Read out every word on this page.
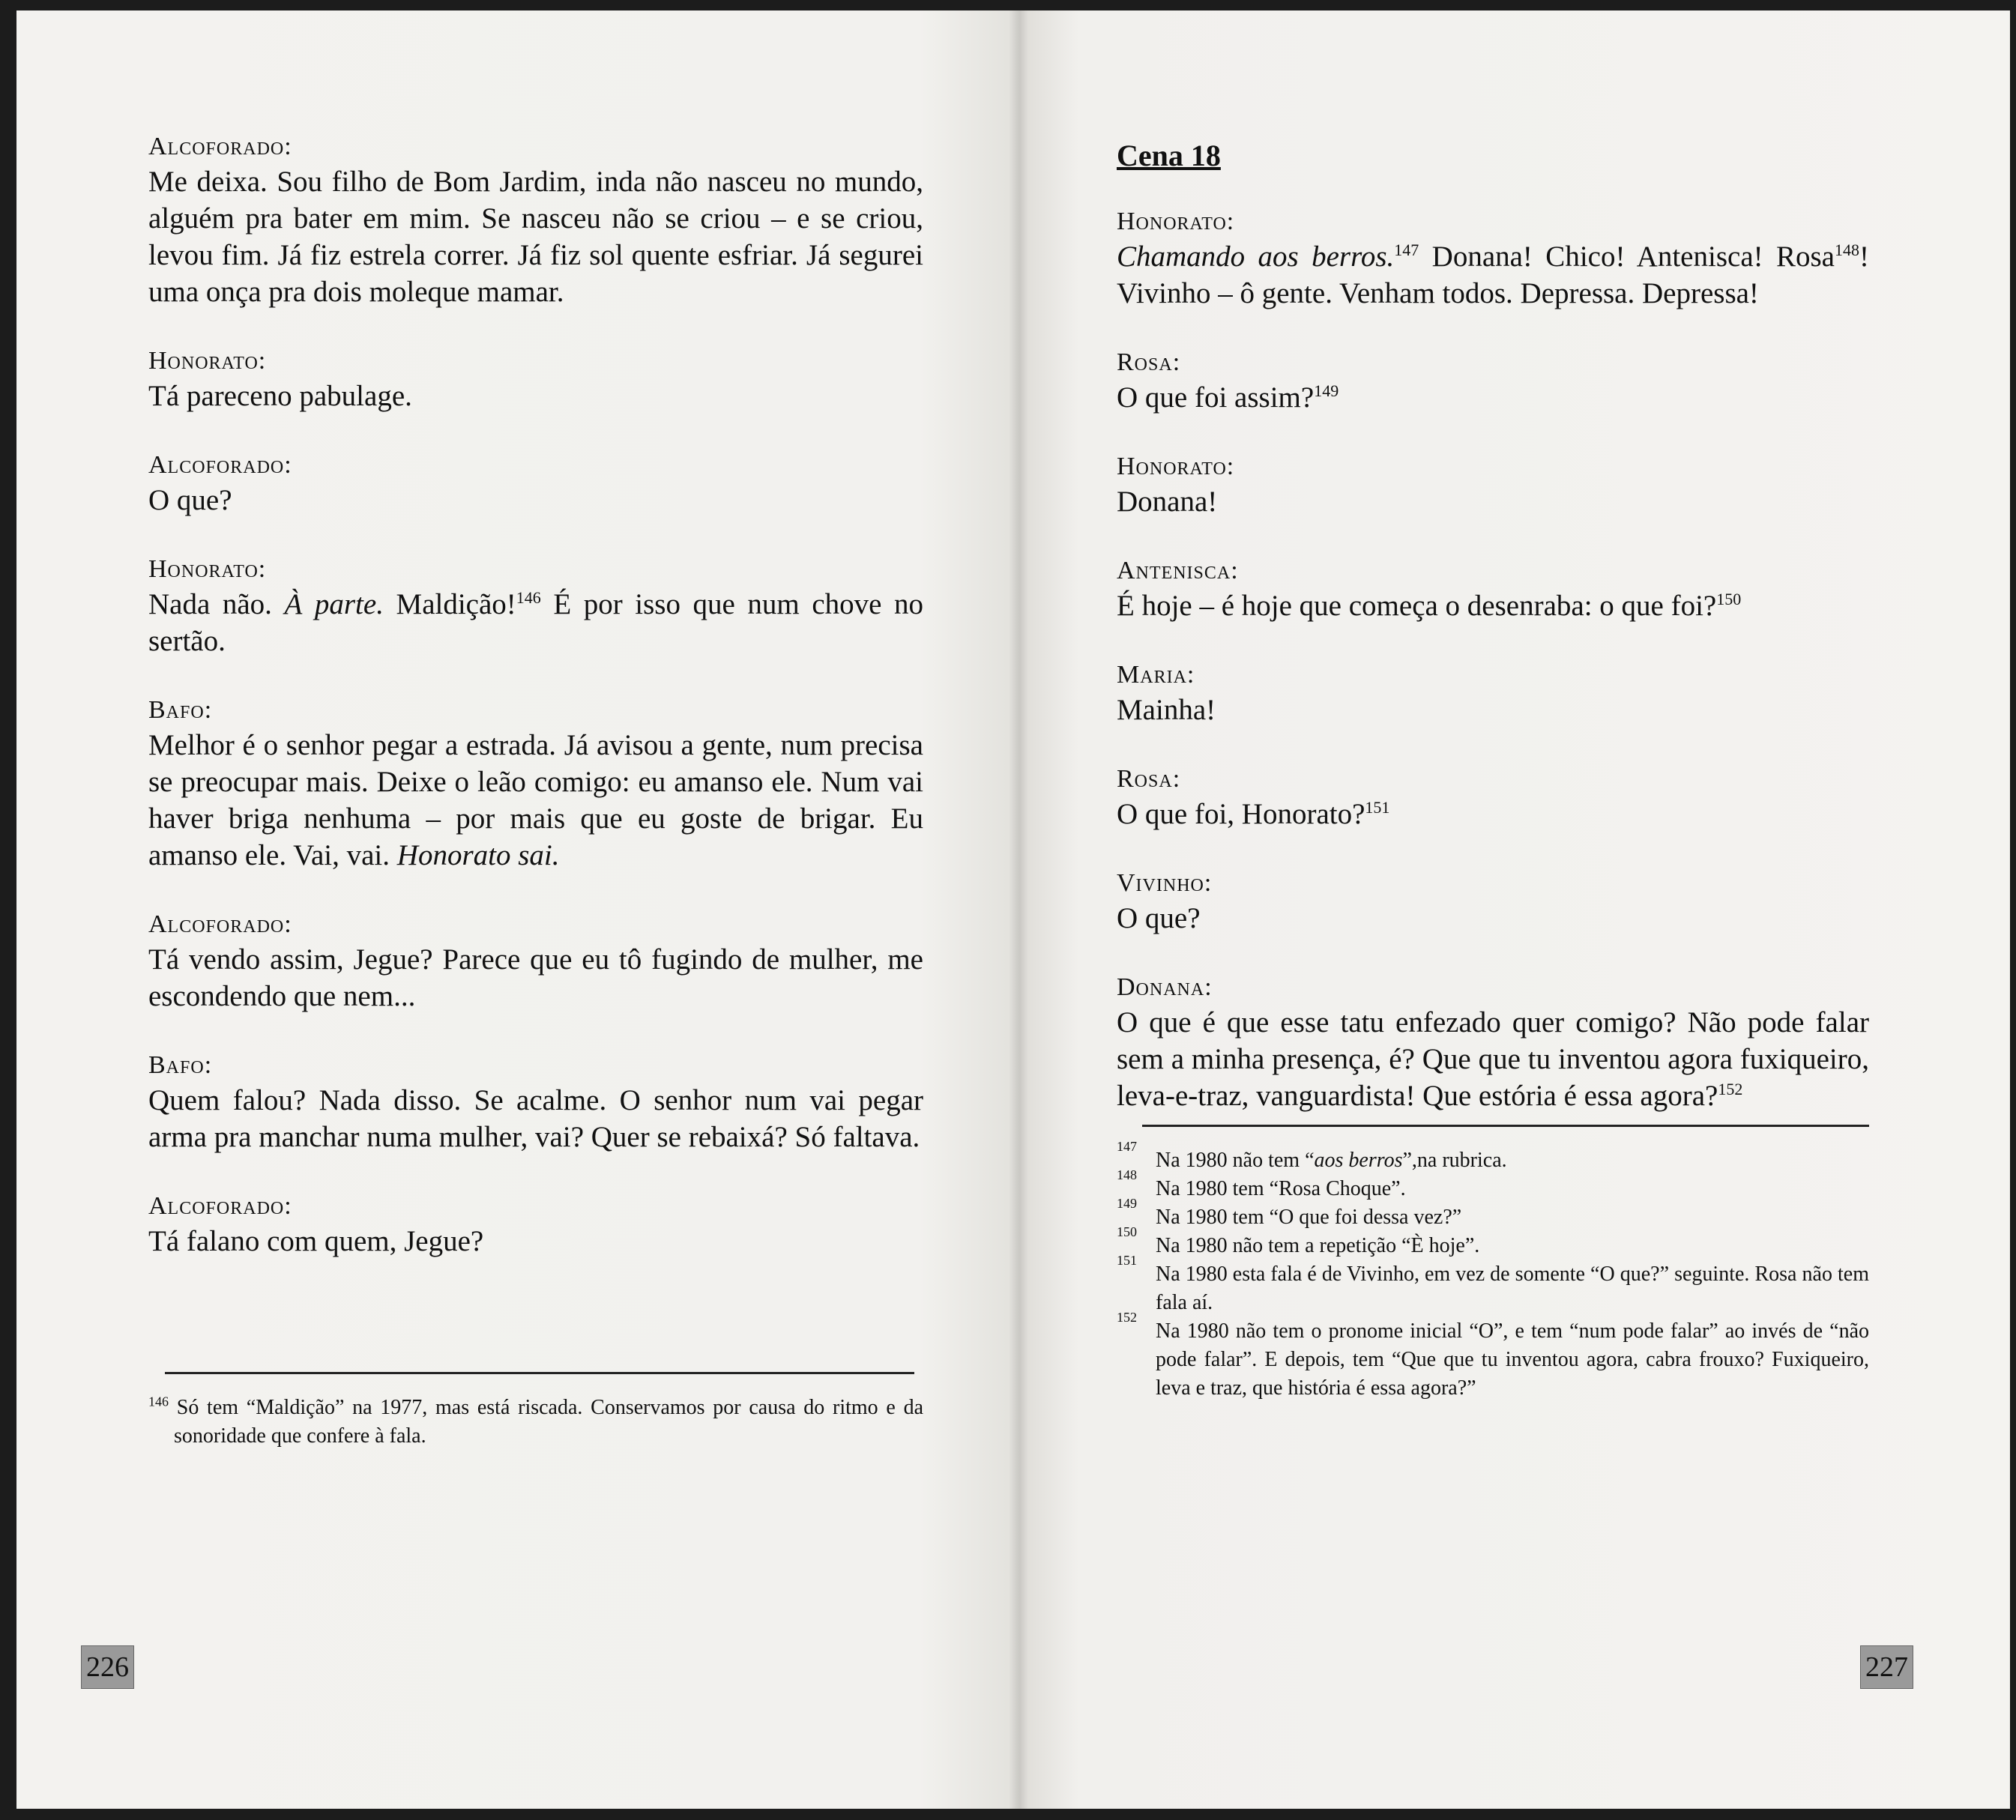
Alcoforado:

Me deixa. Sou filho de Bom Jardim, inda não nasceu no mundo, alguém pra bater em mim. Se nasceu não se criou – e se criou, levou fim. Já fiz estrela correr. Já fiz sol quente esfriar. Já segurei uma onça pra dois moleque mamar.

Honorato:

Tá pareceno pabulage.

Alcoforado:

O que?

Honorato:

Nada não. À parte. Maldição!$^{146}$ É por isso que num chove no sertão.

Bafo:

Melhor é o senhor pegar a estrada. Já avisou a gente, num precisa se preocupar mais. Deixe o leão comigo: eu amanso ele. Num vai haver briga nenhuma – por mais que eu goste de brigar. Eu amanso ele. Vai, vai. Honorato sai.

Alcoforado:

Tá vendo assim, Jegue? Parece que eu tô fugindo de mulher, me escondendo que nem...

Bafo:

Quem falou? Nada disso. Se acalme. O senhor num vai pegar arma pra manchar numa mulher, vai? Quer se rebaixá? Só faltava.

Alcoforado:

Tá falano com quem, Jegue?

$^{146}$ Só tem “Maldição” na 1977, mas está riscada. Conservamos por causa do ritmo e da sonoridade que confere à fala.
226

Cena 18

Honorato:

Chamando aos berros.$^{147}$ Donana! Chico! Antenisca! Rosa$^{148}$! Vivinho – ô gente. Venham todos. Depressa. Depressa!

Rosa:

O que foi assim?$^{149}$

Honorato:

Donana!

Antenisca:

É hoje – é hoje que começa o desenraba: o que foi?$^{150}$

Maria:

Mainha!

Rosa:

O que foi, Honorato?$^{151}$

Vivinho:

O que?

Donana:

O que é que esse tatu enfezado quer comigo? Não pode falar sem a minha presença, é? Que que tu inventou agora fuxiqueiro, leva-e-traz, vanguardista! Que estória é essa agora?$^{152}$

147
Na 1980 não tem “aos berros”,na rubrica.
148
Na 1980 tem “Rosa Choque”.
149
Na 1980 tem “O que foi dessa vez?”
150
Na 1980 não tem a repetição “È hoje”.
151
Na 1980 esta fala é de Vivinho, em vez de somente “O que?” seguinte. Rosa não tem fala aí.
152
Na 1980 não tem o pronome inicial “O”, e tem “num pode falar” ao invés de “não pode falar”. E depois, tem “Que que tu inventou agora, cabra frouxo? Fuxiqueiro, leva e traz, que história é essa agora?”
227
